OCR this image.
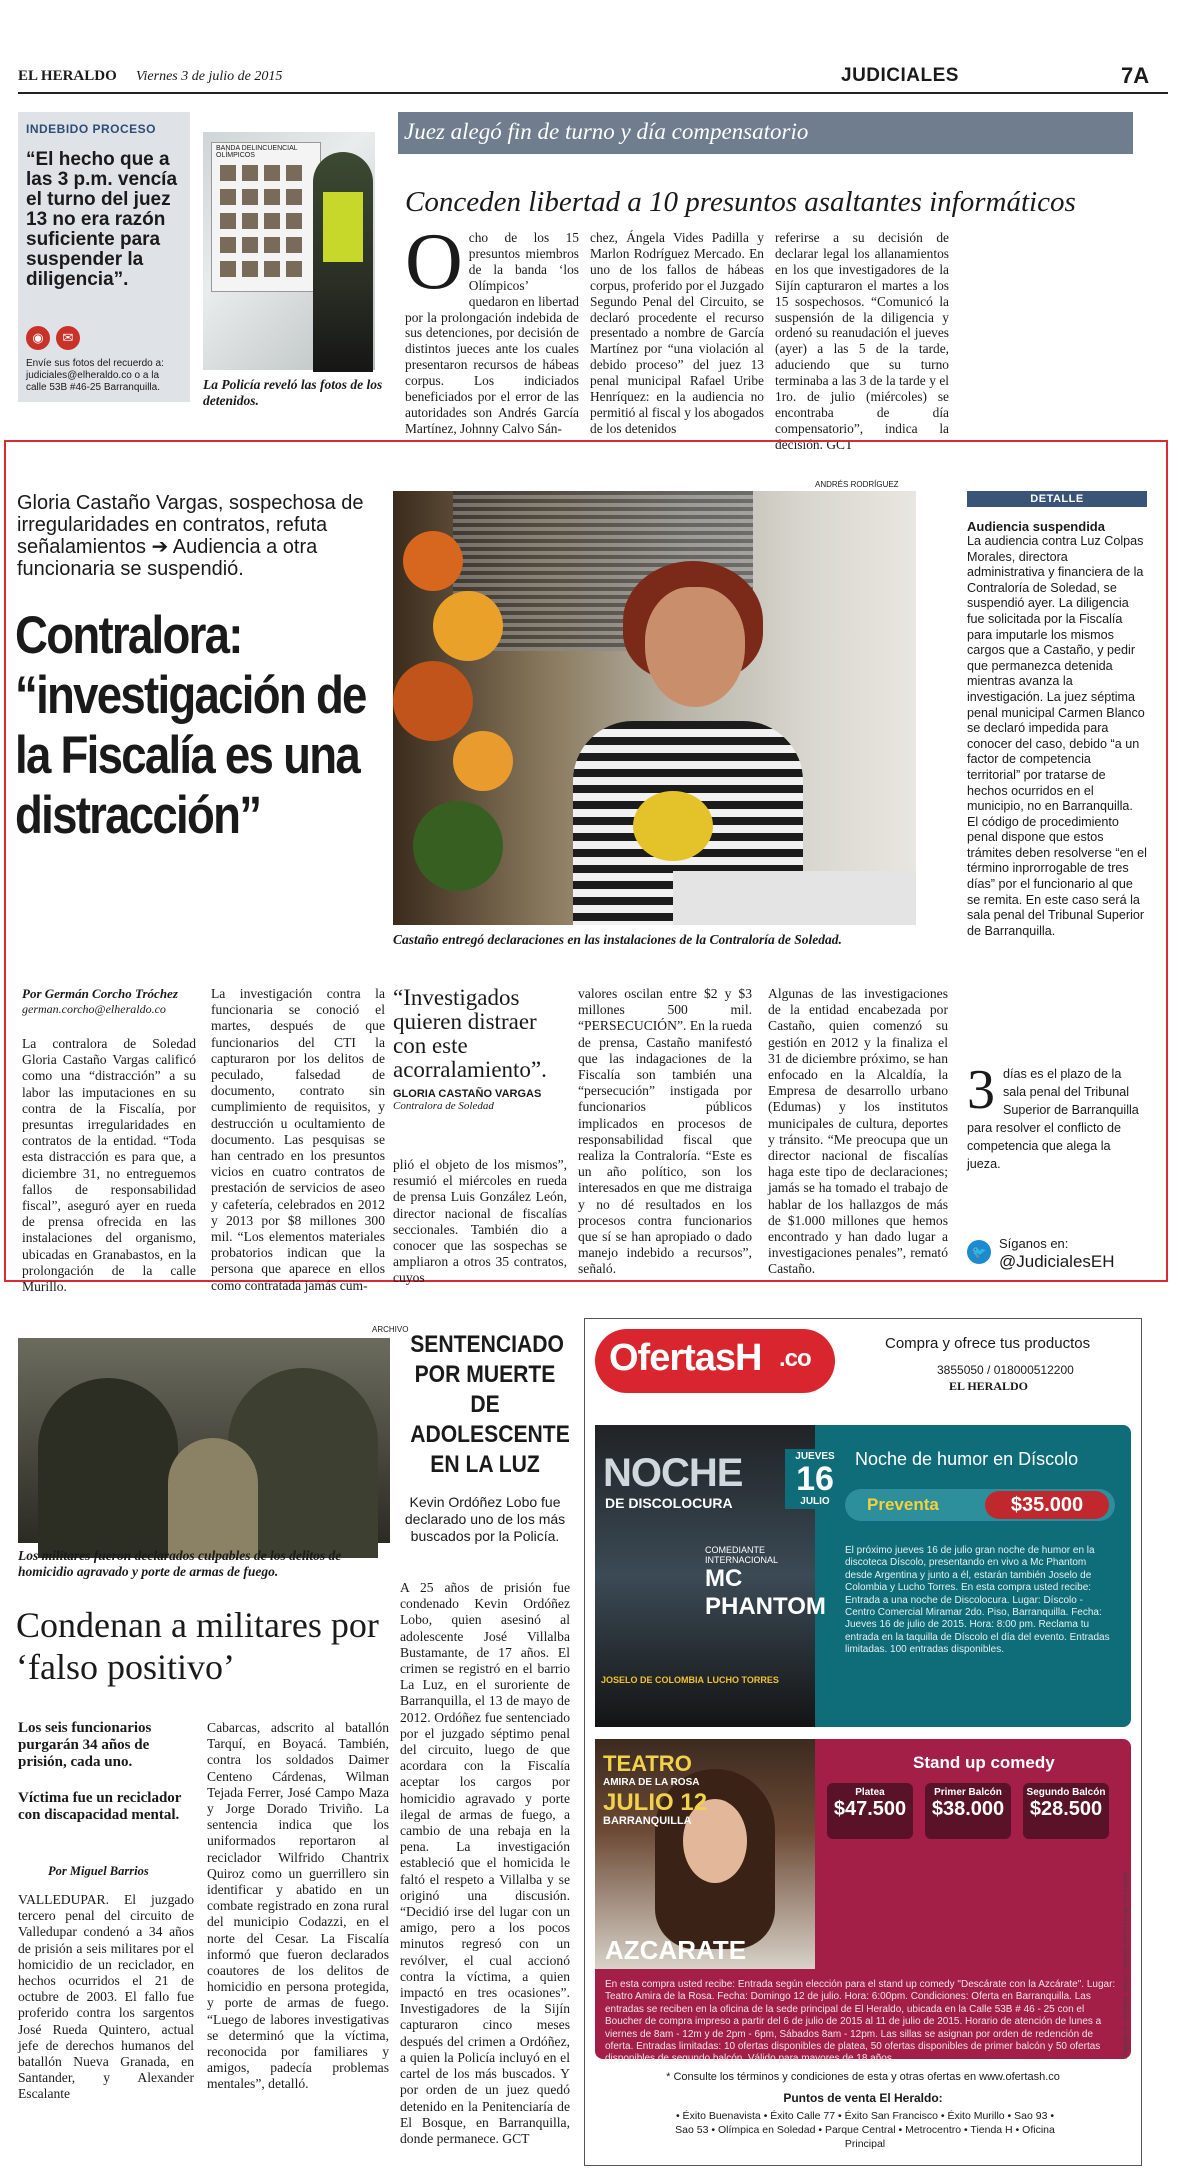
EL HERALDO Viernes 3 de julio de 2015	JUDICIALES	7A
INDEBIDO PROCESO
“El hecho que a las 3 p.m. vencía el turno del juez 13 no era razón suficiente para suspender la diligencia”.
◉	✉
Envíe sus fotos del recuerdo a: judiciales@elheraldo.co o a la calle 53B #46-25 Barranquilla.
BANDA DELINCUENCIAL OLÍMPICOS
La Policía reveló las fotos de los detenidos.
Juez alegó fin de turno y día compensatorio
Conceden libertad a 10 presuntos asaltantes informáticos
Ocho de los 15 presuntos miembros de la banda ‘los Olímpicos’ quedaron en libertad por la prolongación indebida de sus detenciones, por decisión de distintos jueces ante los cuales presentaron recursos de hábeas corpus. Los indiciados beneficiados por el error de las autoridades son Andrés García Martínez, Johnny Calvo Sán-
chez, Ángela Vides Padilla y Marlon Rodríguez Mercado. En uno de los fallos de hábeas corpus, proferido por el Juzgado Segundo Penal del Circuito, se declaró procedente el recurso presentado a nombre de García Martínez por “una violación al debido proceso” del juez 13 penal municipal Rafael Uribe Henríquez: en la audiencia no permitió al fiscal y los abogados de los detenidos
referirse a su decisión de declarar legal los allanamientos en los que investigadores de la Sijín capturaron el martes a los 15 sospechosos. “Comunicó la suspensión de la diligencia y ordenó su reanudación el jueves (ayer) a las 5 de la tarde, aduciendo que su turno terminaba a las 3 de la tarde y el 1ro. de julio (miércoles) se encontraba de día compensatorio”, indica la decisión. GCT
Gloria Castaño Vargas, sospechosa de irregularidades en contratos, refuta señalamientos ➔ Audiencia a otra funcionaria se suspendió.
Contralora: “investigación de la Fiscalía es una distracción”
ANDRÉS RODRÍGUEZ
Castaño entregó declaraciones en las instalaciones de la Contraloría de Soledad.
DETALLE
Audiencia suspendida
La audiencia contra Luz Colpas Morales, directora administrativa y financiera de la Contraloría de Soledad, se suspendió ayer. La diligencia fue solicitada por la Fiscalía para imputarle los mismos cargos que a Castaño, y pedir que permanezca detenida mientras avanza la investigación. La juez séptima penal municipal Carmen Blanco se declaró impedida para conocer del caso, debido “a un factor de competencia territorial” por tratarse de hechos ocurridos en el municipio, no en Barranquilla. El código de procedimiento penal dispone que estos trámites deben resolverse “en el término inprorrogable de tres días” por el funcionario al que se remita. En este caso será la sala penal del Tribunal Superior de Barranquilla.
3 días es el plazo de la sala penal del Tribunal Superior de Barranquilla para resolver el conflicto de competencia que alega la jueza.
🐦
Síganos en:
@JudicialesEH
Por Germán Corcho Tróchez
german.corcho@elheraldo.co
La contralora de Soledad Gloria Castaño Vargas calificó como una “distracción” a su labor las imputaciones en su contra de la Fiscalía, por presuntas irregularidades en contratos de la entidad. “Toda esta distracción es para que, a diciembre 31, no entreguemos fallos de responsabilidad fiscal”, aseguró ayer en rueda de prensa ofrecida en las instalaciones del organismo, ubicadas en Granabastos, en la prolongación de la calle Murillo.
La investigación contra la funcionaria se conoció el martes, después de que funcionarios del CTI la capturaron por los delitos de peculado, falsedad de documento, contrato sin cumplimiento de requisitos, y destrucción u ocultamiento de documento. Las pesquisas se han centrado en los presuntos vicios en cuatro contratos de prestación de servicios de aseo y cafetería, celebrados en 2012 y 2013 por $8 millones 300 mil. “Los elementos materiales probatorios indican que la persona que aparece en ellos como contratada jamás cum-
“Investigados quieren distraer con este acorralamiento”.
GLORIA CASTAÑO VARGAS
Contralora de Soledad
plió el objeto de los mismos”, resumió el miércoles en rueda de prensa Luis González León, director nacional de fiscalías seccionales. También dio a conocer que las sospechas se ampliaron a otros 35 contratos, cuyos
valores oscilan entre $2 y $3 millones 500 mil. “PERSECUCIÓN”. En la rueda de prensa, Castaño manifestó que las indagaciones de la Fiscalía son también una “persecución” instigada por funcionarios públicos implicados en procesos de responsabilidad fiscal que realiza la Contraloría. “Este es un año político, son los interesados en que me distraiga y no dé resultados en los procesos contra funcionarios que sí se han apropiado o dado manejo indebido a recursos”, señaló.
Algunas de las investigaciones de la entidad encabezada por Castaño, quien comenzó su gestión en 2012 y la finaliza el 31 de diciembre próximo, se han enfocado en la Alcaldía, la Empresa de desarrollo urbano (Edumas) y los institutos municipales de cultura, deportes y tránsito. “Me preocupa que un director nacional de fiscalías haga este tipo de declaraciones; jamás se ha tomado el trabajo de hablar de los hallazgos de más de $1.000 millones que hemos encontrado y han dado lugar a investigaciones penales”, remató Castaño.
ARCHIVO
Los militares fueron declarados culpables de los delitos de homicidio agravado y porte de armas de fuego.
Condenan a militares por ‘falso positivo’
Los seis funcionarios purgarán 34 años de prisión, cada uno.
Víctima fue un reciclador con discapacidad mental.
Por Miguel Barrios
VALLEDUPAR. El juzgado tercero penal del circuito de Valledupar condenó a 34 años de prisión a seis militares por el homicidio de un reciclador, en hechos ocurridos el 21 de octubre de 2003. El fallo fue proferido contra los sargentos José Rueda Quintero, actual jefe de derechos humanos del batallón Nueva Granada, en Santander, y Alexander Escalante
Cabarcas, adscrito al batallón Tarquí, en Boyacá. También, contra los soldados Daimer Centeno Cárdenas, Wilman Tejada Ferrer, José Campo Maza y Jorge Dorado Triviño. La sentencia indica que los uniformados reportaron al reciclador Wilfrido Chantrix Quiroz como un guerrillero sin identificar y abatido en un combate registrado en zona rural del municipio Codazzi, en el norte del Cesar. La Fiscalía informó que fueron declarados coautores de los delitos de homicidio en persona protegida, y porte de armas de fuego. “Luego de labores investigativas se determinó que la víctima, reconocida por familiares y amigos, padecía problemas mentales”, detalló.
SENTENCIADO POR MUERTE DE ADOLESCENTE EN LA LUZ
Kevin Ordóñez Lobo fue declarado uno de los más buscados por la Policía.
A 25 años de prisión fue condenado Kevin Ordóñez Lobo, quien asesinó al adolescente José Villalba Bustamante, de 17 años. El crimen se registró en el barrio La Luz, en el suroriente de Barranquilla, el 13 de mayo de 2012. Ordóñez fue sentenciado por el juzgado séptimo penal del circuito, luego de que acordara con la Fiscalía aceptar los cargos por homicidio agravado y porte ilegal de armas de fuego, a cambio de una rebaja en la pena. La investigación estableció que el homicida le faltó el respeto a Villalba y se originó una discusión. “Decidió irse del lugar con un amigo, pero a los pocos minutos regresó con un revólver, el cual accionó contra la víctima, a quien impactó en tres ocasiones”. Investigadores de la Sijín capturaron cinco meses después del crimen a Ordóñez, a quien la Policía incluyó en el cartel de los más buscados. Y por orden de un juez quedó detenido en la Penitenciaría de El Bosque, en Barranquilla, donde permanece. GCT
OfertasH .co
Compra y ofrece tus productos
3855050 / 018000512200
EL HERALDO
NOCHE
DE DISCOLOCURA
COMEDIANTE INTERNACIONAL
MC PHANTOM
JOSELO DE COLOMBIA LUCHO TORRES
JUEVES
16
JULIO
Noche de humor en Díscolo
Preventa	$35.000
El próximo jueves 16 de julio gran noche de humor en la discoteca Díscolo, presentando en vivo a Mc Phantom desde Argentina y junto a él, estarán también Joselo de Colombia y Lucho Torres. En esta compra usted recibe: Entrada a una noche de Discolocura. Lugar: Díscolo - Centro Comercial Miramar 2do. Piso, Barranquilla. Fecha: Jueves 16 de julio de 2015. Hora: 8:00 pm. Reclama tu entrada en la taquilla de Díscolo el día del evento. Entradas limitadas. 100 entradas disponibles.
TEATRO
AMIRA DE LA ROSA
JULIO 12
BARRANQUILLA
AZCARATE
Stand up comedy
Platea
$47.500
Primer Balcón
$38.000
Segundo Balcón
$28.500
En esta compra usted recibe: Entrada según elección para el stand up comedy "Descárate con la Azcárate". Lugar: Teatro Amira de la Rosa. Fecha: Domingo 12 de julio. Hora: 6:00pm. Condiciones: Oferta en Barranquilla. Las entradas se reciben en la oficina de la sede principal de El Heraldo, ubicada en la Calle 53B # 46 - 25 con el Boucher de compra impreso a partir del 6 de julio de 2015 al 11 de julio de 2015. Horario de atención de lunes a viernes de 8am - 12m y de 2pm - 6pm, Sábados 8am - 12pm. Las sillas se asignan por orden de redención de oferta. Entradas limitadas: 10 ofertas disponibles de platea, 50 ofertas disponibles de primer balcón y 50 ofertas disponibles de segundo balcón. Válido para mayores de 18 años.
* Consulte los términos y condiciones de esta y otras ofertas en www.ofertash.co
Puntos de venta El Heraldo:
• Éxito Buenavista • Éxito Calle 77 • Éxito San Francisco • Éxito Murillo • Sao 93 • Sao 53 • Olímpica en Soledad • Parque Central • Metrocentro • Tienda H • Oficina Principal
Imágenes de referencia. Vence: Contenido Oferta Incluye. IVA Incluido.
